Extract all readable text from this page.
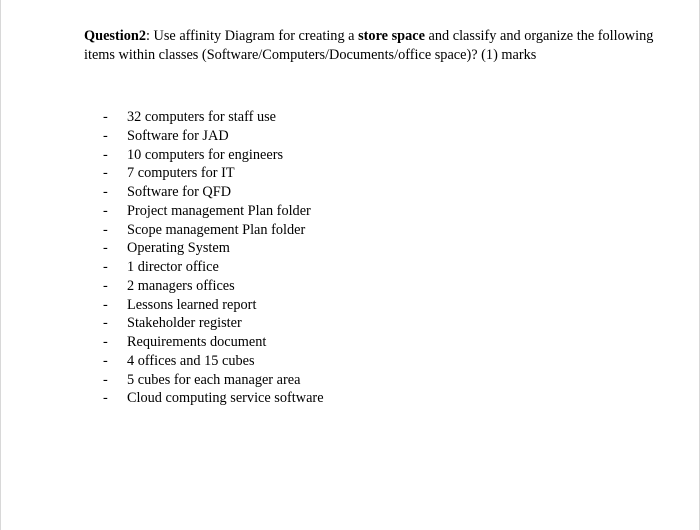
Question2: Use affinity Diagram for creating a store space and classify and organize the following items within classes (Software/Computers/Documents/office space)? (1) marks
- 32 computers for staff use
- Software for JAD
- 10 computers for engineers
- 7 computers for IT
- Software for QFD
- Project management Plan folder
- Scope management Plan folder
- Operating System
- 1 director office
- 2 managers offices
- Lessons learned report
- Stakeholder register
- Requirements document
- 4 offices and 15 cubes
- 5 cubes for each manager area
- Cloud computing service software
